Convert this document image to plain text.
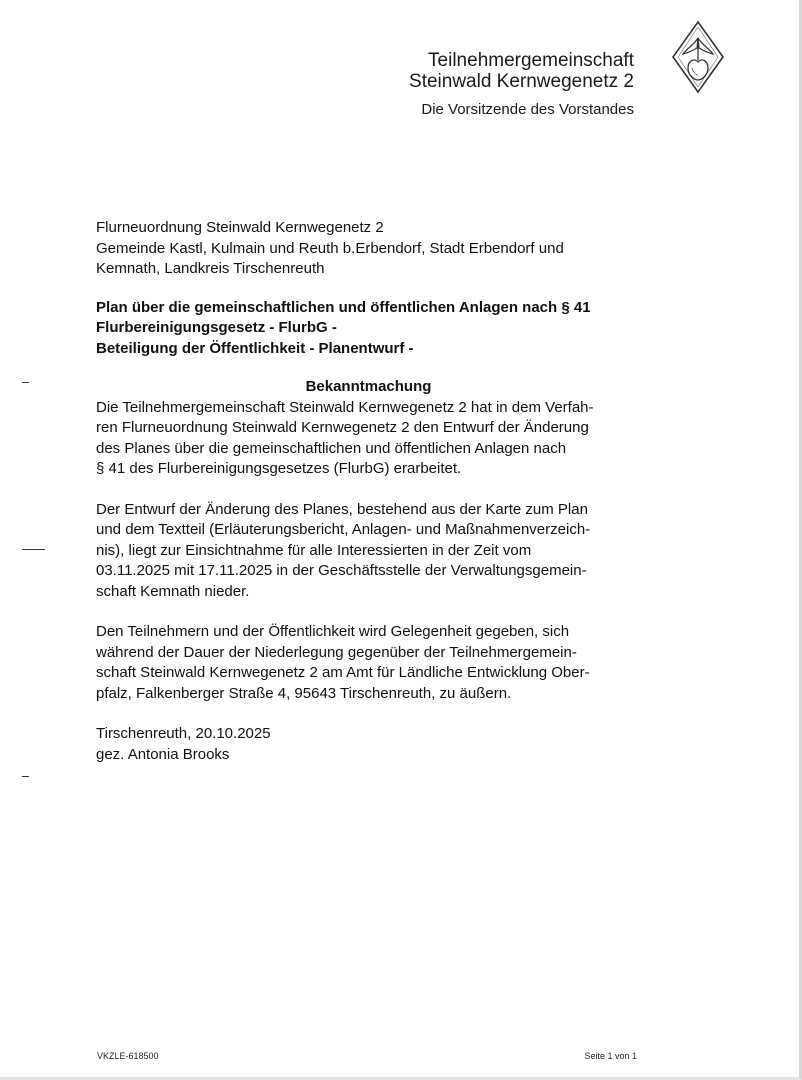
Teilnehmergemeinschaft
Steinwald Kernwegenetz 2
Die Vorsitzende des Vorstandes

Flurneuordnung Steinwald Kernwegenetz 2

Gemeinde Kastl, Kulmain und Reuth b.Erbendorf, Stadt Erbendorf und

Kemnath, Landkreis Tirschenreuth

Plan über die gemeinschaftlichen und öffentlichen Anlagen nach § 41

Flurbereinigungsgesetz - FlurbG -

Beteiligung der Öffentlichkeit - Planentwurf -

Bekanntmachung

Die Teilnehmergemeinschaft Steinwald Kernwegenetz 2 hat in dem Verfah-

ren Flurneuordnung Steinwald Kernwegenetz 2 den Entwurf der Änderung

des Planes über die gemeinschaftlichen und öffentlichen Anlagen nach

§ 41 des Flurbereinigungsgesetzes (FlurbG) erarbeitet.

Der Entwurf der Änderung des Planes, bestehend aus der Karte zum Plan

und dem Textteil (Erläuterungsbericht, Anlagen- und Maßnahmenverzeich-

nis), liegt zur Einsichtnahme für alle Interessierten in der Zeit vom

03.11.2025 mit 17.11.2025 in der Geschäftsstelle der Verwaltungsgemein-

schaft Kemnath nieder.

Den Teilnehmern und der Öffentlichkeit wird Gelegenheit gegeben, sich

während der Dauer der Niederlegung gegenüber der Teilnehmergemein-

schaft Steinwald Kernwegenetz 2 am Amt für Ländliche Entwicklung Ober-

pfalz, Falkenberger Straße 4, 95643 Tirschenreuth, zu äußern.

Tirschenreuth, 20.10.2025

gez. Antonia Brooks

VKZLE-618500	Seite 1 von 1
